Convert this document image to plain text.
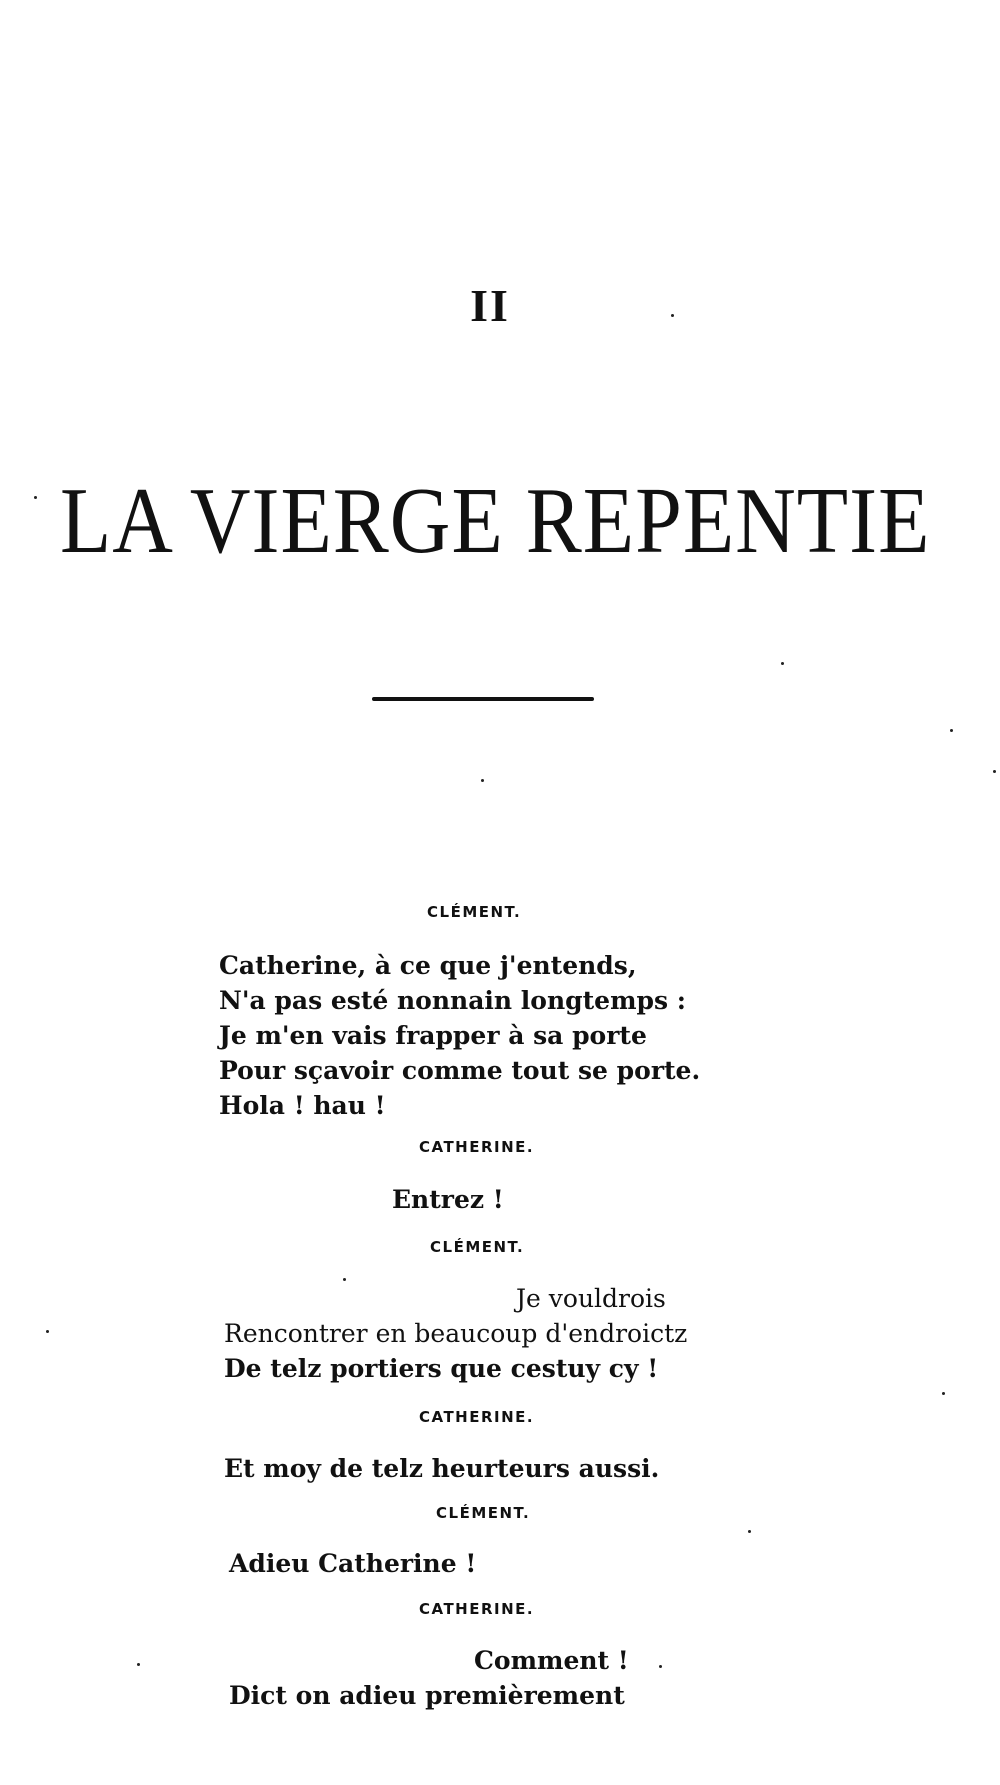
II
LA VIERGE REPENTIE
CLÉMENT.
Catherine, à ce que j'entends,
N'a pas esté nonnain longtemps :
Je m'en vais frapper à sa porte
Pour sçavoir comme tout se porte.
Hola ! hau !
CATHERINE.
Entrez !
CLÉMENT.
Je vouldrois
Rencontrer en beaucoup d'endroictz
De telz portiers que cestuy cy !
CATHERINE.
Et moy de telz heurteurs aussi.
CLÉMENT.
Adieu Catherine !
CATHERINE.
Comment !
Dict on adieu premièrement
